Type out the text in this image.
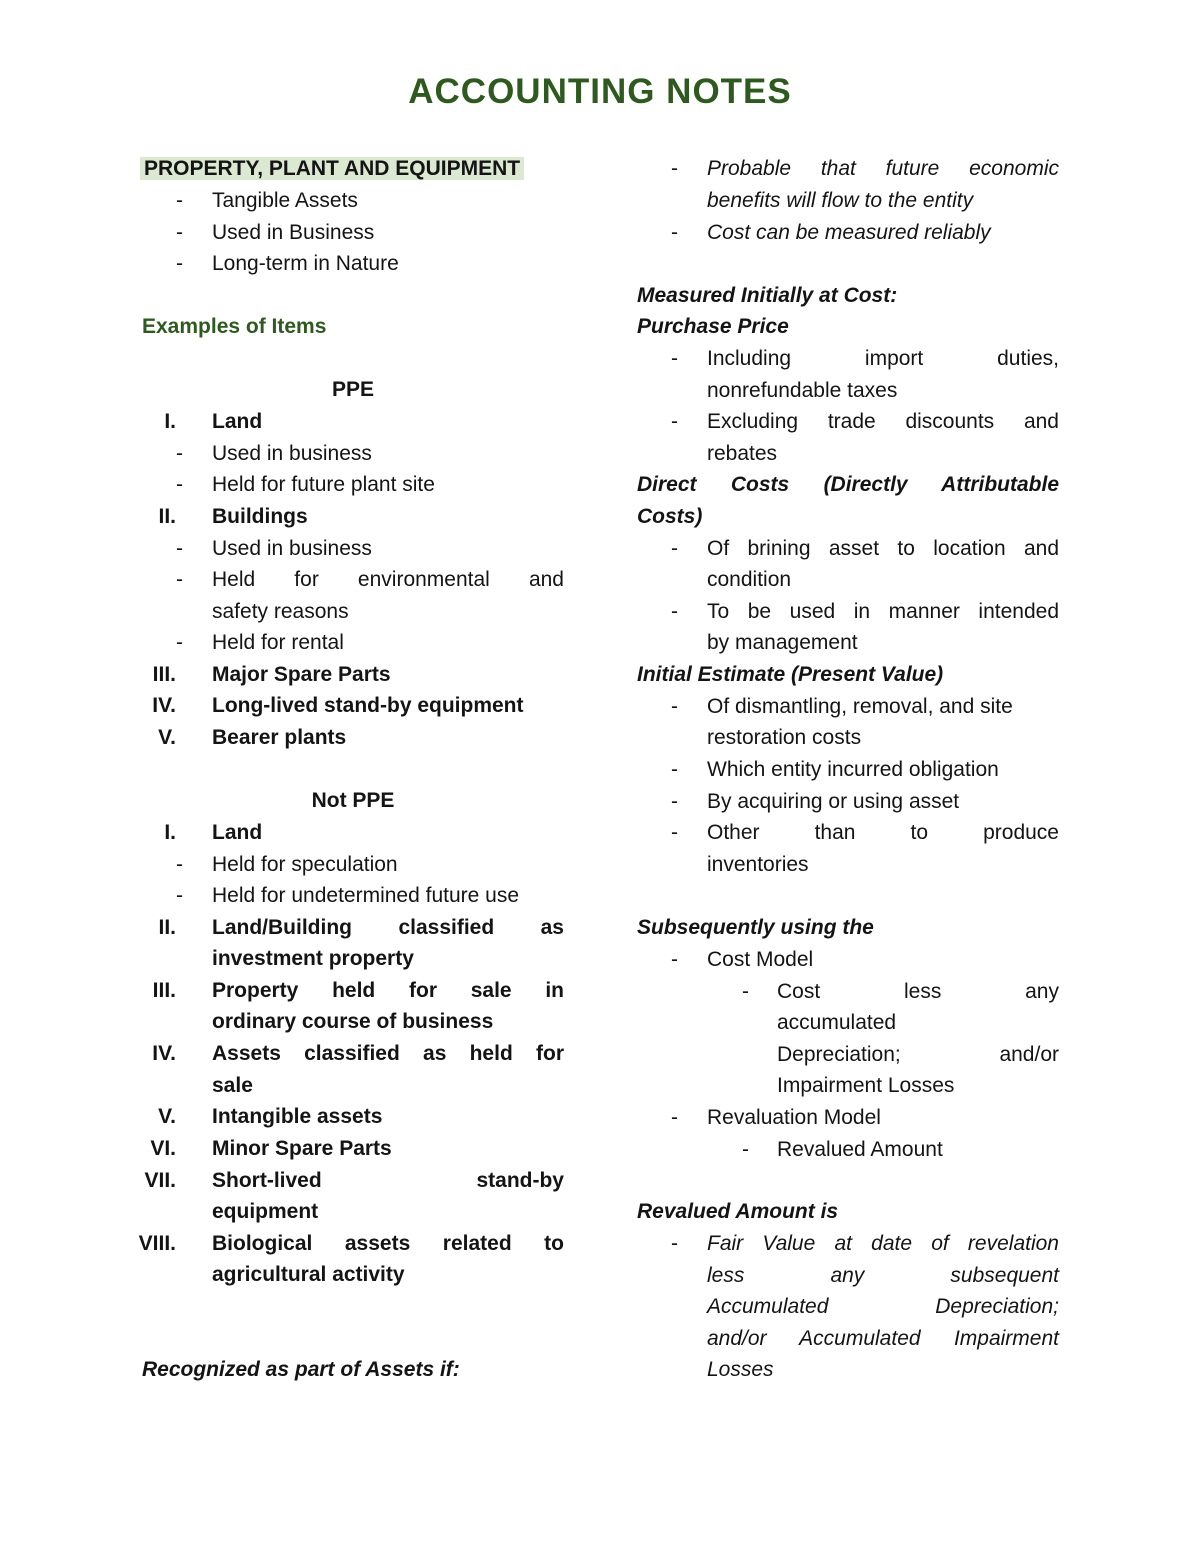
ACCOUNTING NOTES
PROPERTY, PLANT AND EQUIPMENT
- Tangible Assets
- Used in Business
- Long-term in Nature
Examples of Items
PPE
I. Land
- Used in business
- Held for future plant site
II. Buildings
- Used in business
- Held for environmental and
safety reasons
- Held for rental
III. Major Spare Parts
IV. Long-lived stand-by equipment
V. Bearer plants
Not PPE
I. Land
- Held for speculation
- Held for undetermined future use
II. Land/Building classified as
investment property
III. Property held for sale in
ordinary course of business
IV. Assets classified as held for
sale
V. Intangible assets
VI. Minor Spare Parts
VII. Short-lived stand-by
equipment
VIII. Biological assets related to
agricultural activity
Recognized as part of Assets if:
- Probable that future economic
benefits will flow to the entity
- Cost can be measured reliably
Measured Initially at Cost:
Purchase Price
- Including import duties,
nonrefundable taxes
- Excluding trade discounts and
rebates
Direct Costs (Directly Attributable
Costs)
- Of brining asset to location and
condition
- To be used in manner intended
by management
Initial Estimate (Present Value)
- Of dismantling, removal, and site
restoration costs
- Which entity incurred obligation
- By acquiring or using asset
- Other than to produce
inventories
Subsequently using the
- Cost Model
- Cost less any
accumulated
Depreciation; and/or
Impairment Losses
- Revaluation Model
- Revalued Amount
Revalued Amount is
- Fair Value at date of revelation
less any subsequent
Accumulated Depreciation;
and/or Accumulated Impairment
Losses
